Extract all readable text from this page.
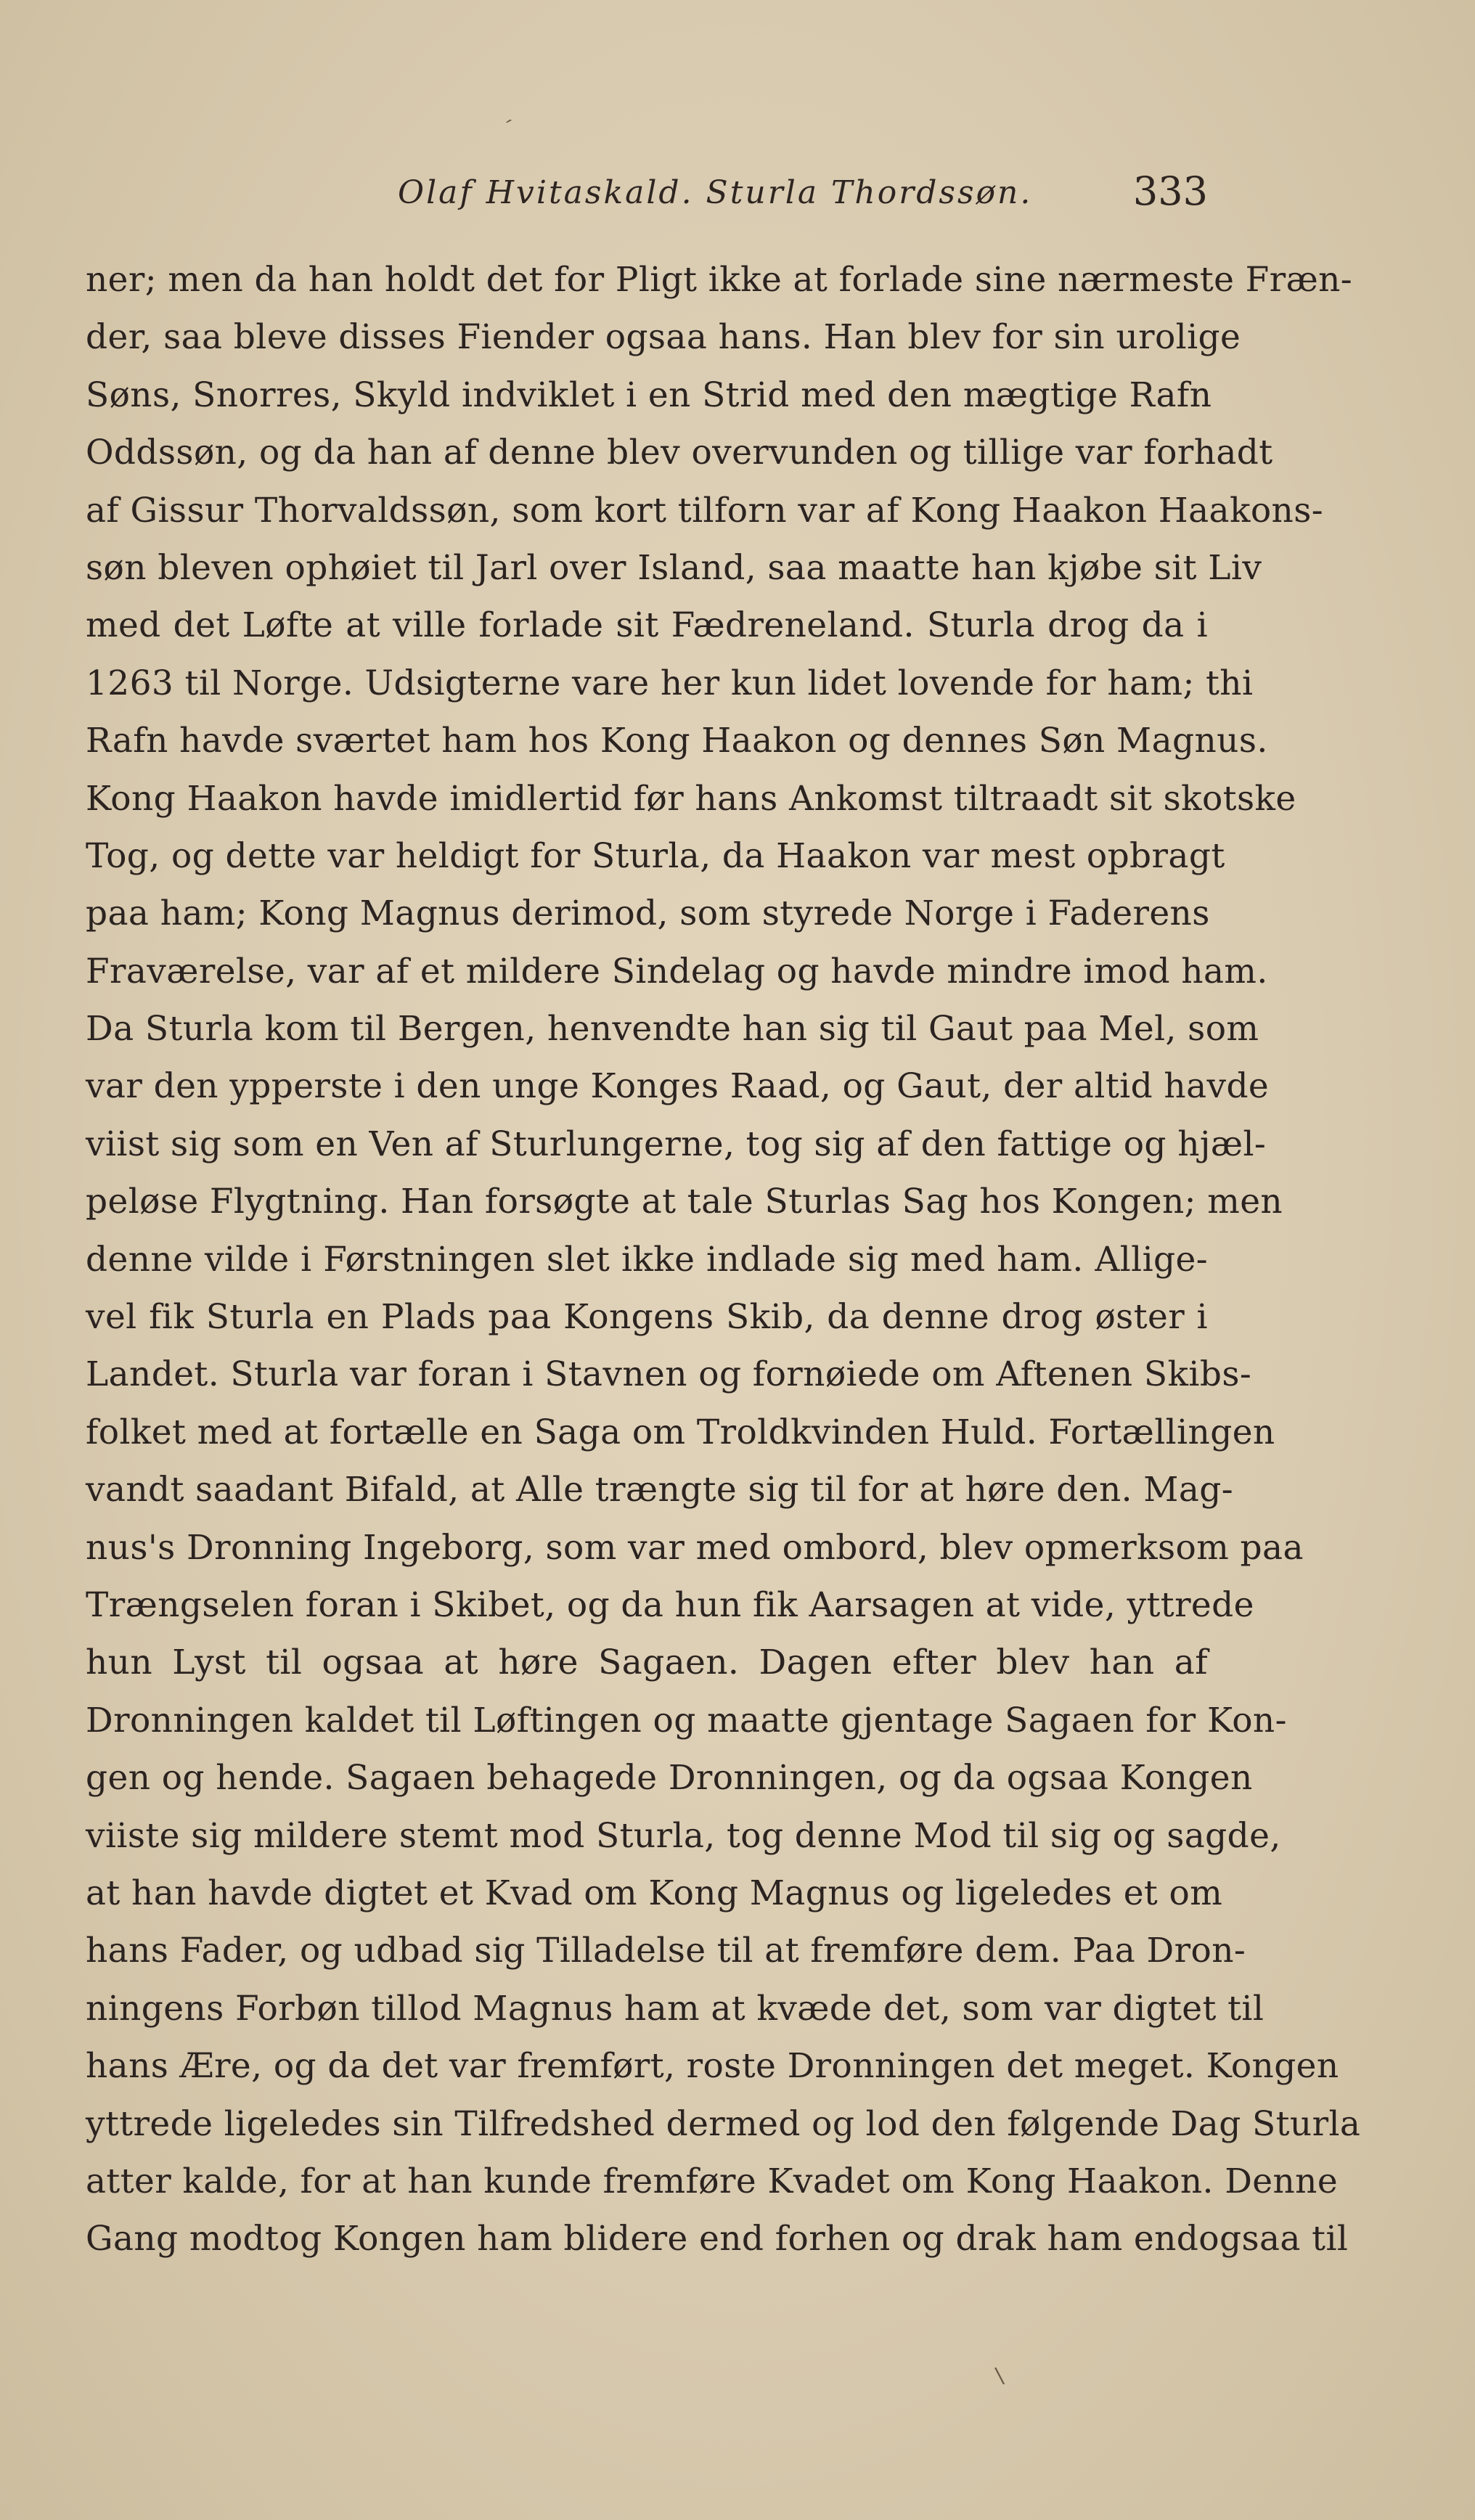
ˊ
Olaf Hvitaskald. Sturla Thordssøn.	333
ner; men da han holdt det for Pligt ikke at forlade sine nærmeste Fræn-
der, saa bleve disses Fiender ogsaa hans. Han blev for sin urolige
Søns, Snorres, Skyld indviklet i en Strid med den mægtige Rafn
Oddssøn, og da han af denne blev overvunden og tillige var forhadt
af Gissur Thorvaldssøn, som kort tilforn var af Kong Haakon Haakons-
søn bleven ophøiet til Jarl over Island, saa maatte han kjøbe sit Liv
med det Løfte at ville forlade sit Fædreneland. Sturla drog da i
1263 til Norge. Udsigterne vare her kun lidet lovende for ham; thi
Rafn havde sværtet ham hos Kong Haakon og dennes Søn Magnus.
Kong Haakon havde imidlertid før hans Ankomst tiltraadt sit skotske
Tog, og dette var heldigt for Sturla, da Haakon var mest opbragt
paa ham; Kong Magnus derimod, som styrede Norge i Faderens
Fraværelse, var af et mildere Sindelag og havde mindre imod ham.
Da Sturla kom til Bergen, henvendte han sig til Gaut paa Mel, som
var den ypperste i den unge Konges Raad, og Gaut, der altid havde
viist sig som en Ven af Sturlungerne, tog sig af den fattige og hjæl-
peløse Flygtning. Han forsøgte at tale Sturlas Sag hos Kongen; men
denne vilde i Førstningen slet ikke indlade sig med ham. Allige-
vel fik Sturla en Plads paa Kongens Skib, da denne drog øster i
Landet. Sturla var foran i Stavnen og fornøiede om Aftenen Skibs-
folket med at fortælle en Saga om Troldkvinden Huld. Fortællingen
vandt saadant Bifald, at Alle trængte sig til for at høre den. Mag-
nus's Dronning Ingeborg, som var med ombord, blev opmerksom paa
Trængselen foran i Skibet, og da hun fik Aarsagen at vide, yttrede
hun Lyst til ogsaa at høre Sagaen. Dagen efter blev han af
Dronningen kaldet til Løftingen og maatte gjentage Sagaen for Kon-
gen og hende. Sagaen behagede Dronningen, og da ogsaa Kongen
viiste sig mildere stemt mod Sturla, tog denne Mod til sig og sagde,
at han havde digtet et Kvad om Kong Magnus og ligeledes et om
hans Fader, og udbad sig Tilladelse til at fremføre dem. Paa Dron-
ningens Forbøn tillod Magnus ham at kvæde det, som var digtet til
hans Ære, og da det var fremført, roste Dronningen det meget. Kongen
yttrede ligeledes sin Tilfredshed dermed og lod den følgende Dag Sturla
atter kalde, for at han kunde fremføre Kvadet om Kong Haakon. Denne
Gang modtog Kongen ham blidere end forhen og drak ham endogsaa til
\
